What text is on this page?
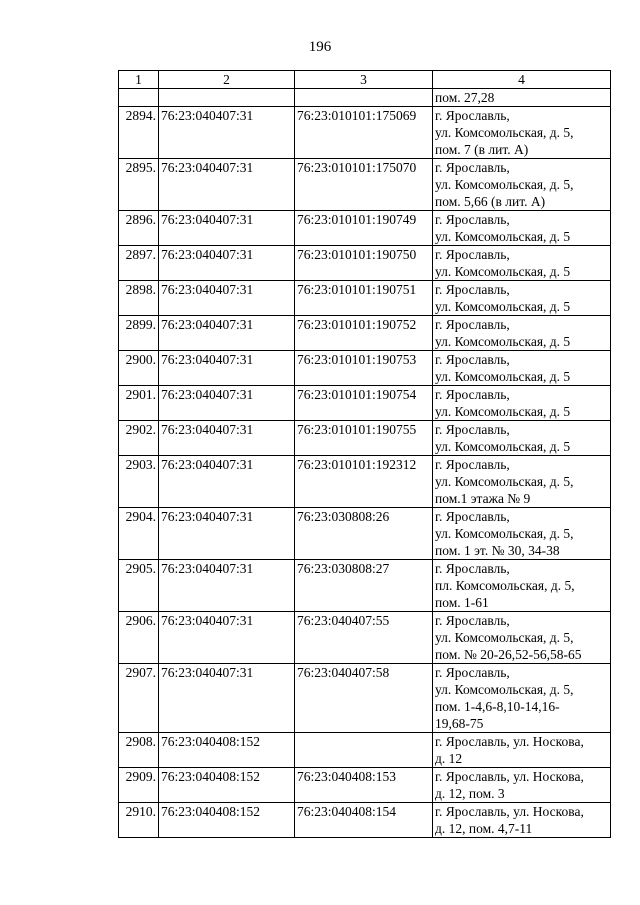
196
1	2	3	4

			пом. 27,28

2894.	76:23:040407:31	76:23:010101:175069	г. Ярославль,
ул. Комсомольская, д. 5,
пом. 7 (в лит. А)

2895.	76:23:040407:31	76:23:010101:175070	г. Ярославль,
ул. Комсомольская, д. 5,
пом. 5,66 (в лит. А)

2896.	76:23:040407:31	76:23:010101:190749	г. Ярославль,
ул. Комсомольская, д. 5

2897.	76:23:040407:31	76:23:010101:190750	г. Ярославль,
ул. Комсомольская, д. 5

2898.	76:23:040407:31	76:23:010101:190751	г. Ярославль,
ул. Комсомольская, д. 5

2899.	76:23:040407:31	76:23:010101:190752	г. Ярославль,
ул. Комсомольская, д. 5

2900.	76:23:040407:31	76:23:010101:190753	г. Ярославль,
ул. Комсомольская, д. 5

2901.	76:23:040407:31	76:23:010101:190754	г. Ярославль,
ул. Комсомольская, д. 5

2902.	76:23:040407:31	76:23:010101:190755	г. Ярославль,
ул. Комсомольская, д. 5

2903.	76:23:040407:31	76:23:010101:192312	г. Ярославль,
ул. Комсомольская, д. 5,
пом.1 этажа № 9

2904.	76:23:040407:31	76:23:030808:26	г. Ярославль,
ул. Комсомольская, д. 5,
пом. 1 эт. № 30, 34-38

2905.	76:23:040407:31	76:23:030808:27	г. Ярославль,
пл. Комсомольская, д. 5,
пом. 1-61

2906.	76:23:040407:31	76:23:040407:55	г. Ярославль,
ул. Комсомольская, д. 5,
пом. № 20-26,52-56,58-65

2907.	76:23:040407:31	76:23:040407:58	г. Ярославль,
ул. Комсомольская, д. 5,
пом. 1-4,6-8,10-14,16-
19,68-75

2908.	76:23:040408:152		г. Ярославль, ул. Носкова,
д. 12

2909.	76:23:040408:152	76:23:040408:153	г. Ярославль, ул. Носкова,
д. 12, пом. 3

2910.	76:23:040408:152	76:23:040408:154	г. Ярославль, ул. Носкова,
д. 12, пом. 4,7-11
